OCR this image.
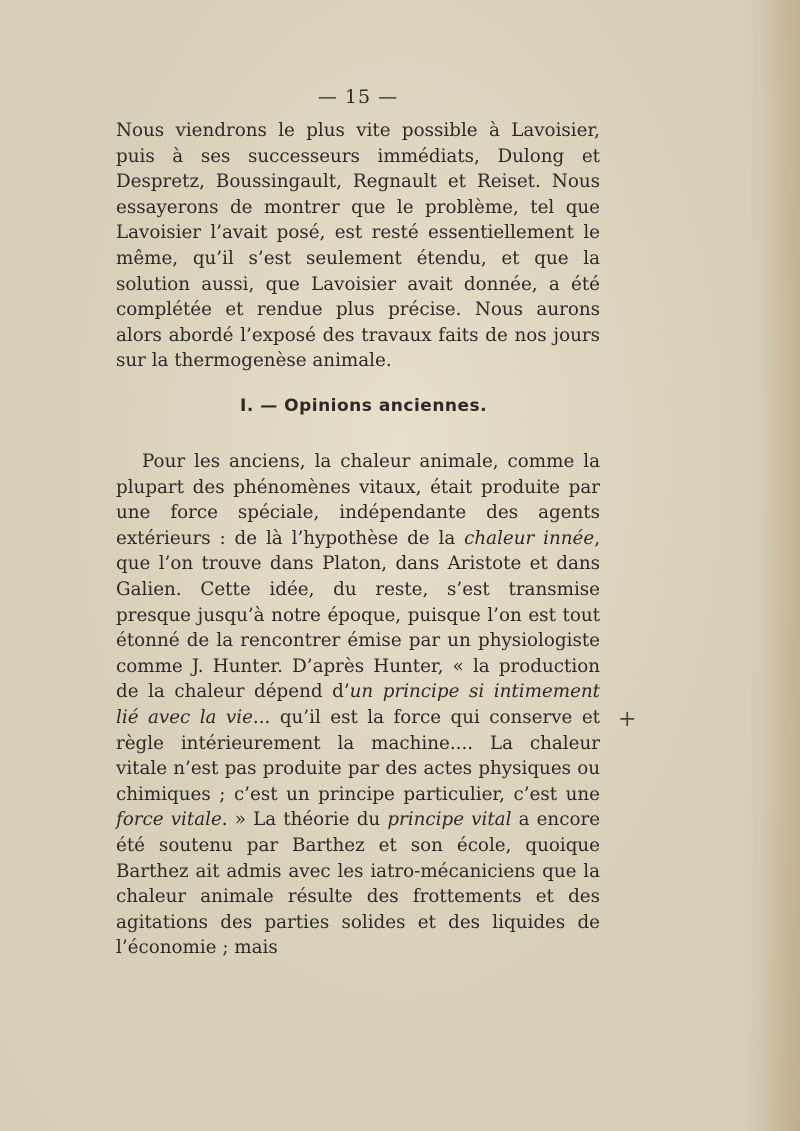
— 15 —

Nous viendrons le plus vite possible à Lavoisier, puis à ses successeurs immédiats, Dulong et Despretz, Boussingault, Regnault et Reiset. Nous essayerons de montrer que le problème, tel que Lavoisier l’avait posé, est resté essentiellement le même, qu’il s’est seulement étendu, et que la solution aussi, que Lavoisier avait donnée, a été complétée et rendue plus précise. Nous aurons alors abordé l’exposé des travaux faits de nos jours sur la thermogenèse animale.

I. — Opinions anciennes.

Pour les anciens, la chaleur animale, comme la plupart des phénomènes vitaux, était produite par une force spéciale, indépendante des agents extérieurs : de là l’hypothèse de la chaleur innée, que l’on trouve dans Platon, dans Aristote et dans Galien. Cette idée, du reste, s’est transmise presque jusqu’à notre époque, puisque l’on est tout étonné de la rencontrer émise par un physiologiste comme J. Hunter. D’après Hunter, « la production de la chaleur dépend d’un principe si intimement lié avec la vie... qu’il est la force qui conserve et règle intérieurement la machine.... La chaleur vitale n’est pas produite par des actes physiques ou chimiques ; c’est un principe particulier, c’est une force vitale. » La théorie du principe vital a encore été soutenu par Barthez et son école, quoique Barthez ait admis avec les iatro-mécaniciens que la chaleur animale résulte des frottements et des agitations des parties solides et des liquides de l’économie ; mais

+
